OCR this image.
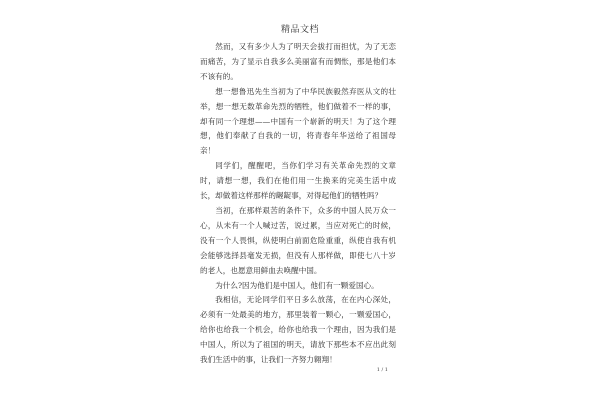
精品文档

然而，又有多少人为了明天会拔打而担忧，为了无恋而痛苦，为了显示自我多么美丽富有而惆怅，那是他们本不该有的。

想一想鲁迅先生当初为了中华民族毅然弃医从文的壮举，想一想无数革命先烈的牺牲，他们做着不一样的事，却有同一个理想——中国有一个崭新的明天！为了这个理想，他们奉献了自我的一切，将青春年华送给了祖国母亲！

同学们，醒醒吧，当你们学习有关革命先烈的文章时，请想一想，我们在他们用一生换来的完美生活中成长，却做着这样那样的龌龊事，对得起他们的牺牲吗？

当初，在那样艰苦的条件下，众多的中国人民万众一心，从未有一个人喊过苦，说过累，当应对死亡的时候，没有一个人畏惧，纵使明白前面危险重重，纵使自我有机会能够选择县毫发无损，但没有人那样做，即使七八十岁的老人，也愿意用鲜血去唤醒中国。

为什么?因为他们是中国人，他们有一颗爱国心。

我相信，无论同学们平日多么放荡，在在内心深处，必须有一处最美的地方，那里装着一颗心，一颗爱国心，给你也给我一个机会，给你也给我一个理由，因为我们是中国人，所以为了祖国的明天，请放下那些本不应出此刻我们生活中的事，让我们一齐努力翱翔！

1 / 1
